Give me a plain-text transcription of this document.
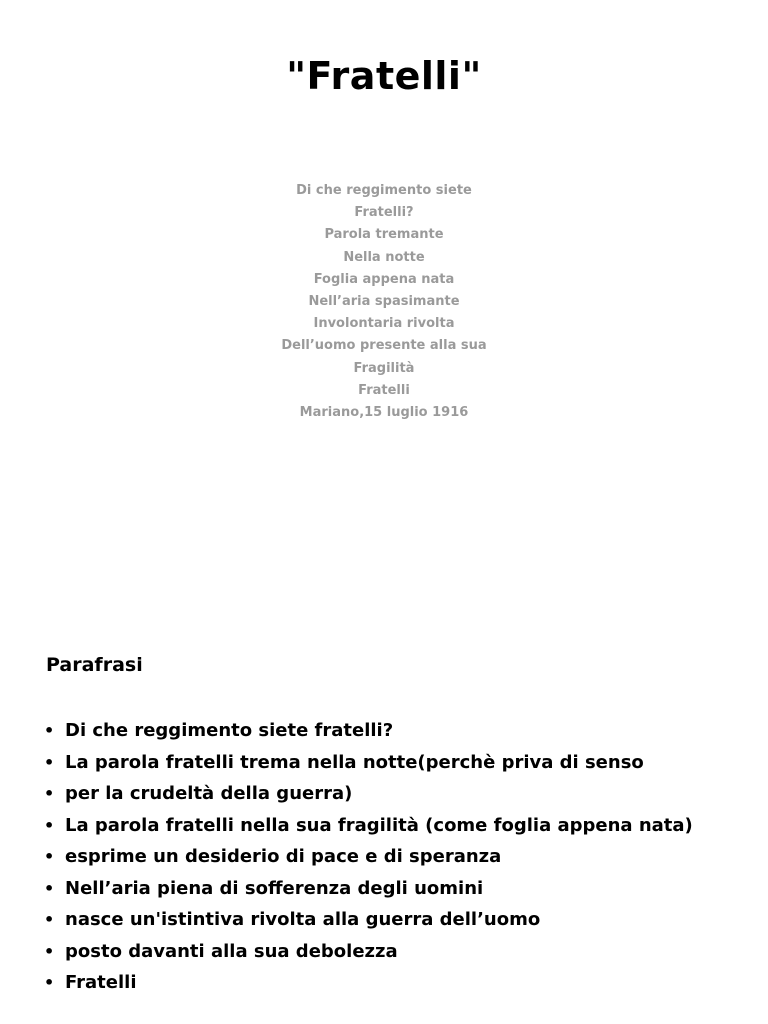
"Fratelli"
Di che reggimento siete
Fratelli?
Parola tremante
Nella notte
Foglia appena nata
Nell’aria spasimante
Involontaria rivolta
Dell’uomo presente alla sua
Fragilità
Fratelli
Mariano,15 luglio 1916
Parafrasi
• Di che reggimento siete fratelli?
• La parola fratelli trema nella notte(perchè priva di senso
• per la crudeltà della guerra)
• La parola fratelli nella sua fragilità (come foglia appena nata)
• esprime un desiderio di pace e di speranza
• Nell’aria piena di sofferenza degli uomini
• nasce un'istintiva rivolta alla guerra dell’uomo
• posto davanti alla sua debolezza
• Fratelli
